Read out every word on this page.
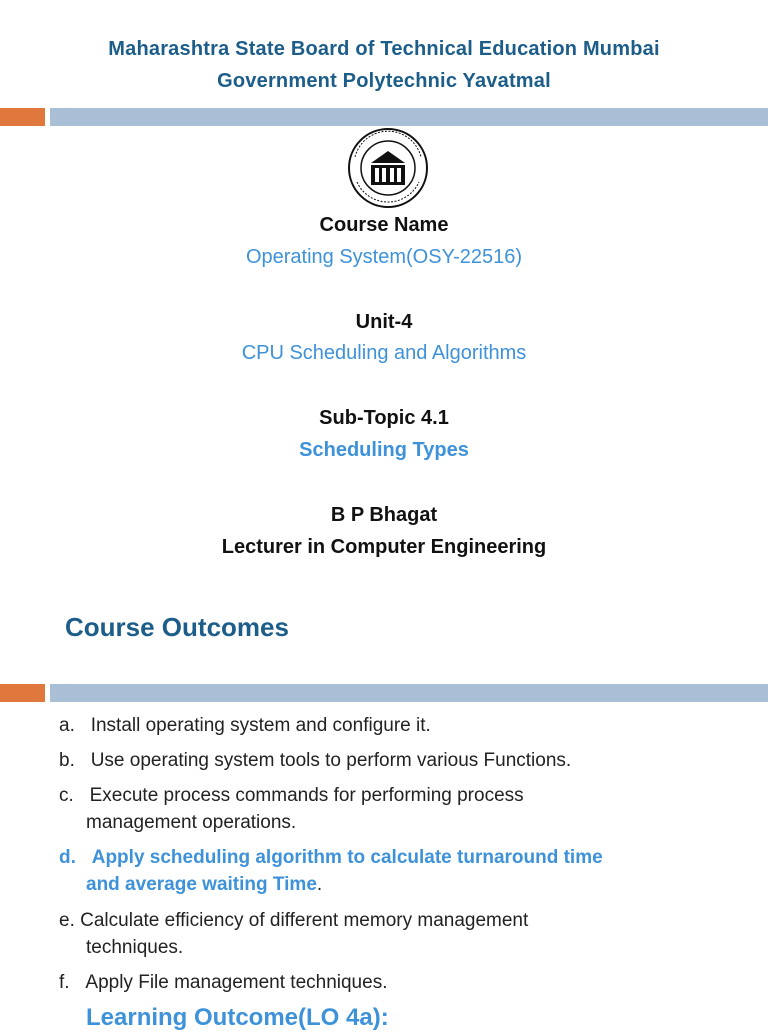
Maharashtra State Board of Technical Education Mumbai
Government Polytechnic Yavatmal
Course Name
Operating System(OSY-22516)
Unit-4
CPU Scheduling and Algorithms
Sub-Topic 4.1
Scheduling Types
B P Bhagat
Lecturer in Computer Engineering
Course Outcomes
a. Install operating system and configure it.
b. Use operating system tools to perform various Functions.
c. Execute process commands for performing process
management operations.
d. Apply scheduling algorithm to calculate turnaround time
and average waiting Time.
e. Calculate efficiency of different memory management
techniques.
f. Apply File management techniques.
Learning Outcome(LO 4a):
